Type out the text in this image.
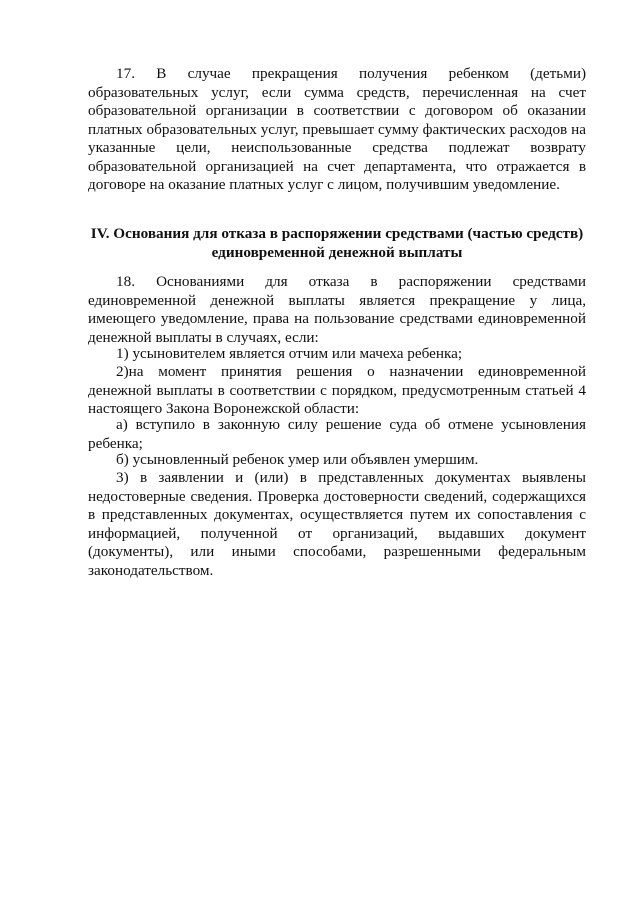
17. В случае прекращения получения ребенком (детьми) образовательных услуг, если сумма средств, перечисленная на счет образовательной организации в соответствии с договором об оказании платных образовательных услуг, превышает сумму фактических расходов на указанные цели, неиспользованные средства подлежат возврату образовательной организацией на счет департамента, что отражается в договоре на оказание платных услуг с лицом, получившим уведомление.

IV. Основания для отказа в распоряжении средствами (частью средств) единовременной денежной выплаты

18. Основаниями для отказа в распоряжении средствами единовременной денежной выплаты является прекращение у лица, имеющего уведомление, права на пользование средствами единовременной денежной выплаты в случаях, если:

1) усыновителем является отчим или мачеха ребенка;

2)на момент принятия решения о назначении единовременной денежной выплаты в соответствии с порядком, предусмотренным статьей 4 настоящего Закона Воронежской области:

а) вступило в законную силу решение суда об отмене усыновления ребенка;

б) усыновленный ребенок умер или объявлен умершим.

3) в заявлении и (или) в представленных документах выявлены недостоверные сведения. Проверка достоверности сведений, содержащихся в представленных документах, осуществляется путем их сопоставления с информацией, полученной от организаций, выдавших документ (документы), или иными способами, разрешенными федеральным законодательством.
